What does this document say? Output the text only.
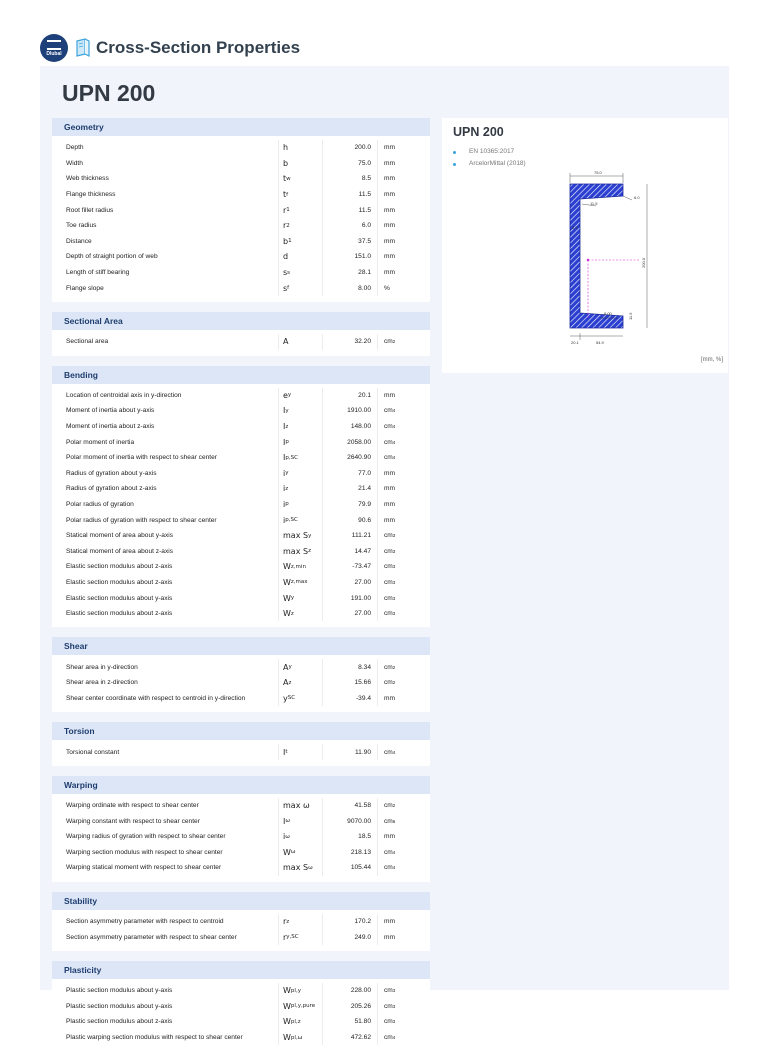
Dlubal Cross-Section Properties
UPN 200
Geometry
Depth	h	200.0	mm
Width	b	75.0	mm
Web thickness	t w	8.5	mm
Flange thickness	t f	11.5	mm
Root fillet radius	r 1	11.5	mm
Toe radius	r 2	6.0	mm
Distance	b 1	37.5	mm
Depth of straight portion of web	d	151.0	mm
Length of stiff bearing	s s	28.1	mm
Flange slope	s f	8.00	%
Sectional Area
Sectional area	A	32.20	cm 2
Bending
Location of centroidal axis in y-direction	e y	20.1	mm
Moment of inertia about y-axis	I y	1910.00	cm 4
Moment of inertia about z-axis	I z	148.00	cm 4
Polar moment of inertia	I p	2058.00	cm 4
Polar moment of inertia with respect to shear center	I p,SC	2640.90	cm 4
Radius of gyration about y-axis	i y	77.0	mm
Radius of gyration about z-axis	i z	21.4	mm
Polar radius of gyration	i p	79.9	mm
Polar radius of gyration with respect to shear center	i p,SC	90.6	mm
Statical moment of area about y-axis	max S y	111.21	cm 3
Statical moment of area about z-axis	max S z	14.47	cm 3
Elastic section modulus about z-axis	W z,min	-73.47	cm 3
Elastic section modulus about z-axis	W z,max	27.00	cm 3
Elastic section modulus about y-axis	W y	191.00	cm 3
Elastic section modulus about z-axis	W z	27.00	cm 3
Shear
Shear area in y-direction	A y	8.34	cm 2
Shear area in z-direction	A z	15.66	cm 2
Shear center coordinate with respect to centroid in y-direction	y SC	-39.4	mm
Torsion
Torsional constant	I t	11.90	cm 4
Warping
Warping ordinate with respect to shear center	max ω	41.58	cm 2
Warping constant with respect to shear center	I ω	9070.00	cm 6
Warping radius of gyration with respect to shear center	i ω	18.5	mm
Warping section modulus with respect to shear center	W ω	218.13	cm 4
Warping statical moment with respect to shear center	max S ω	105.44	cm 4
Stability
Section asymmetry parameter with respect to centroid	r z	170.2	mm
Section asymmetry parameter with respect to shear center	r y,SC	249.0	mm
Plasticity
Plastic section modulus about y-axis	W pl,y	228.00	cm 3
Plastic section modulus about y-axis	W pl,y,pure	205.26	cm 3
Plastic section modulus about z-axis	W pl,z	51.80	cm 3
Plastic warping section modulus with respect to shear center	W pl,ω	472.62	cm 4
UPN 200
EN 10365:2017
ArcelorMittal (2018)
75.0
6.0
11.5
8.5
200.0
8.00	11.5
20.1	54.9
[mm, %]
